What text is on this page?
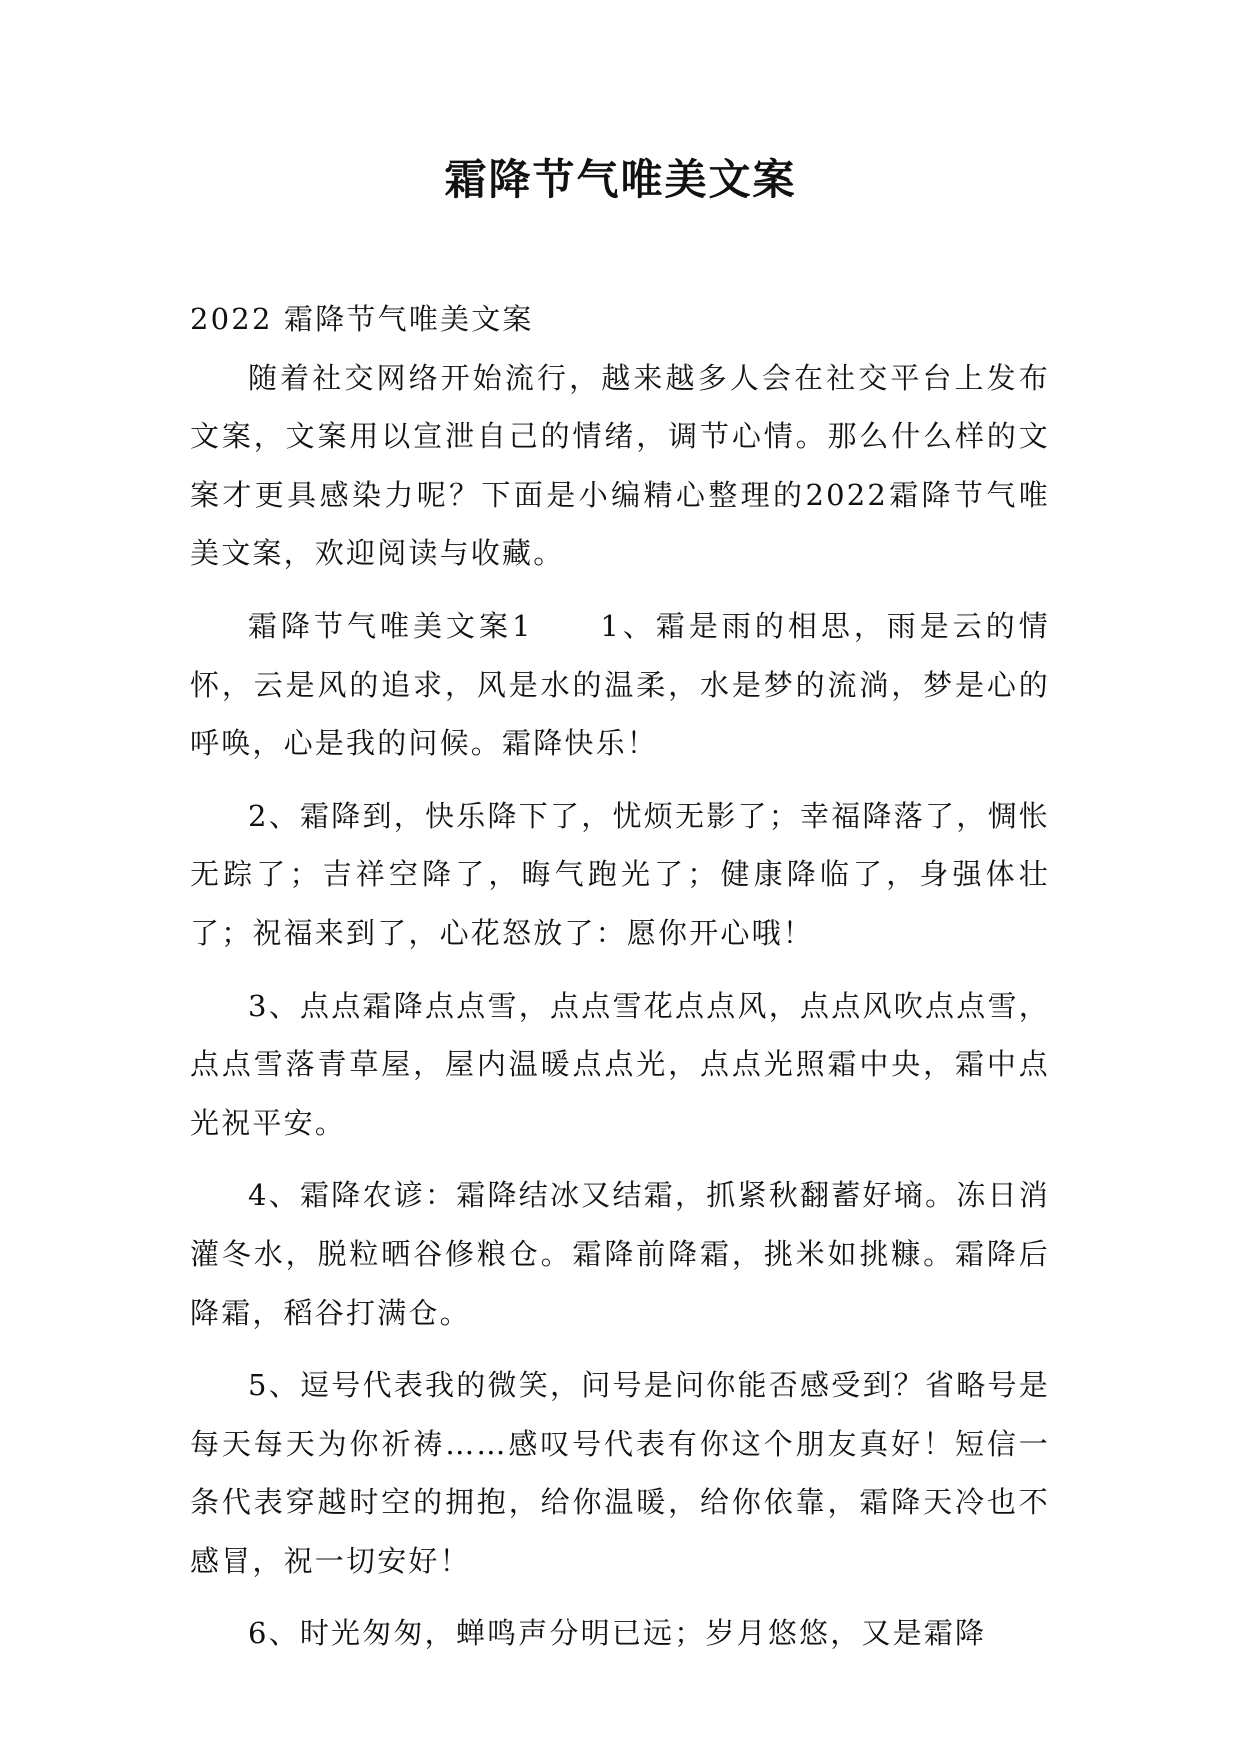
霜降节气唯美文案

2022 霜降节气唯美文案

随着社交网络开始流行，越来越多人会在社交平台上发布文案，文案用以宣泄自己的情绪，调节心情。那么什么样的文案才更具感染力呢？下面是小编精心整理的2022霜降节气唯美文案，欢迎阅读与收藏。

霜降节气唯美文案1　　1、霜是雨的相思，雨是云的情怀，云是风的追求，风是水的温柔，水是梦的流淌，梦是心的呼唤，心是我的问候。霜降快乐！

2、霜降到，快乐降下了，忧烦无影了；幸福降落了，惆怅无踪了；吉祥空降了，晦气跑光了；健康降临了，身强体壮了；祝福来到了，心花怒放了：愿你开心哦！

3、点点霜降点点雪，点点雪花点点风，点点风吹点点雪，点点雪落青草屋，屋内温暖点点光，点点光照霜中央，霜中点光祝平安。

4、霜降农谚：霜降结冰又结霜，抓紧秋翻蓄好墒。冻日消灌冬水，脱粒晒谷修粮仓。霜降前降霜，挑米如挑糠。霜降后降霜，稻谷打满仓。

5、逗号代表我的微笑，问号是问你能否感受到？省略号是每天每天为你祈祷……感叹号代表有你这个朋友真好！短信一条代表穿越时空的拥抱，给你温暖，给你依靠，霜降天冷也不感冒，祝一切安好！

6、时光匆匆，蝉鸣声分明已远；岁月悠悠，又是霜降
